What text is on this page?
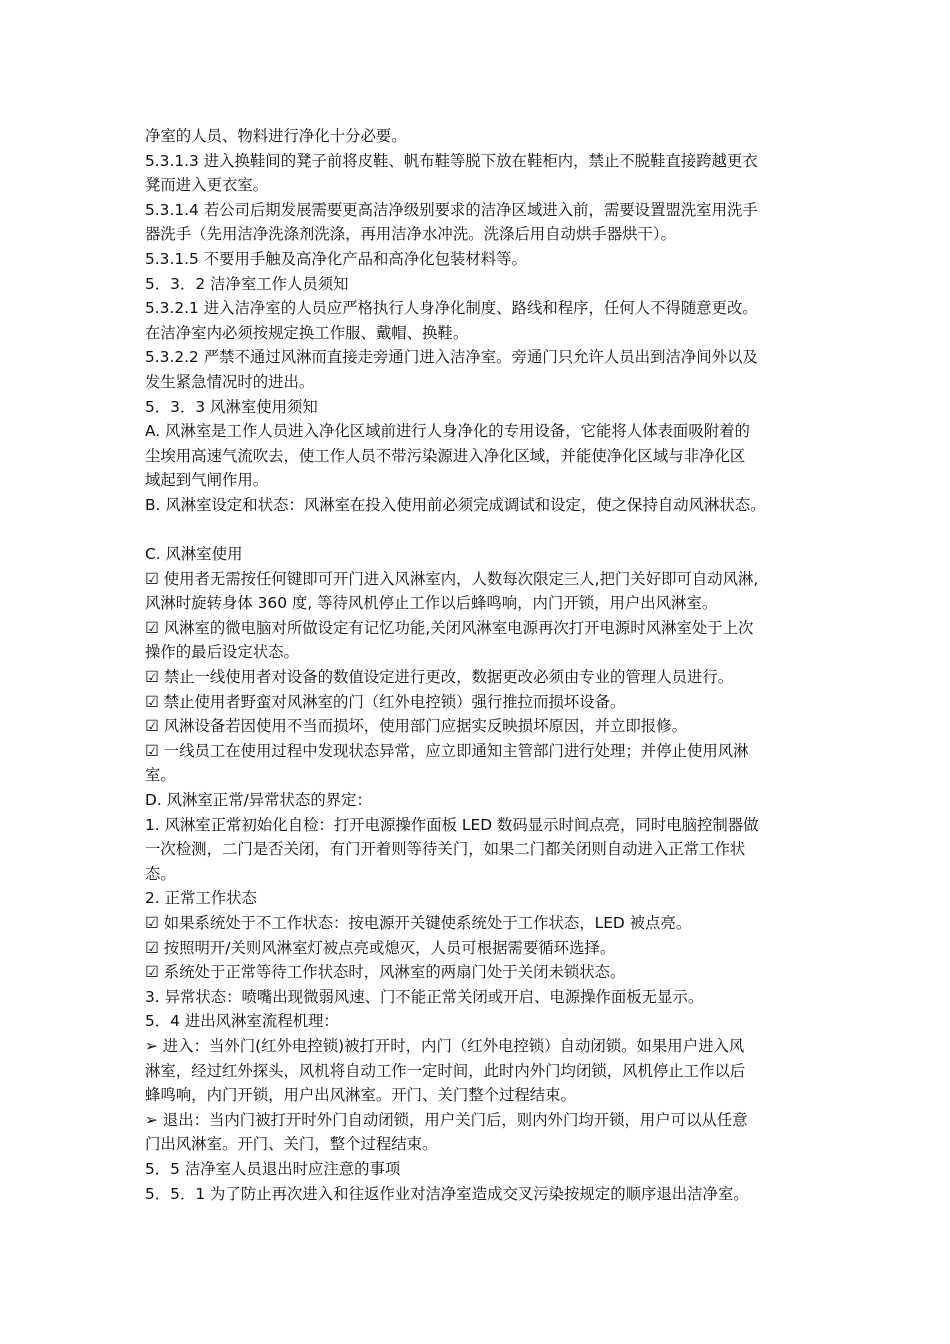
净室的人员、物料进行净化十分必要。
5.3.1.3 进入换鞋间的凳子前将皮鞋、帆布鞋等脱下放在鞋柜内，禁止不脱鞋直接跨越更衣
凳而进入更衣室。
5.3.1.4 若公司后期发展需要更高洁净级别要求的洁净区域进入前，需要设置盟洗室用洗手
器洗手（先用洁净洗涤剂洗涤，再用洁净水冲洗。洗涤后用自动烘手器烘干）。
5.3.1.5 不要用手触及高净化产品和高净化包装材料等。
5．3．2 洁净室工作人员须知
5.3.2.1 进入洁净室的人员应严格执行人身净化制度、路线和程序，任何人不得随意更改。
在洁净室内必须按规定换工作服、戴帽、换鞋。
5.3.2.2 严禁不通过风淋而直接走旁通门进入洁净室。旁通门只允许人员出到洁净间外以及
发生紧急情况时的进出。
5．3．3 风淋室使用须知
A. 风淋室是工作人员进入净化区域前进行人身净化的专用设备，它能将人体表面吸附着的
尘埃用高速气流吹去，使工作人员不带污染源进入净化区域，并能使净化区域与非净化区
域起到气闸作用。
B. 风淋室设定和状态：风淋室在投入使用前必须完成调试和设定，使之保持自动风淋状态。
C. 风淋室使用
☑ 使用者无需按任何键即可开门进入风淋室内，人数每次限定三人,把门关好即可自动风淋,
风淋时旋转身体 360 度, 等待风机停止工作以后蜂鸣响，内门开锁，用户出风淋室。
☑ 风淋室的微电脑对所做设定有记忆功能,关闭风淋室电源再次打开电源时风淋室处于上次
操作的最后设定状态。
☑ 禁止一线使用者对设备的数值设定进行更改，数据更改必须由专业的管理人员进行。
☑ 禁止使用者野蛮对风淋室的门（红外电控锁）强行推拉而损坏设备。
☑ 风淋设备若因使用不当而损坏，使用部门应据实反映损坏原因，并立即报修。
☑ 一线员工在使用过程中发现状态异常，应立即通知主管部门进行处理；并停止使用风淋
室。
D. 风淋室正常/异常状态的界定：
1. 风淋室正常初始化自检：打开电源操作面板 LED 数码显示时间点亮，同时电脑控制器做
一次检测，二门是否关闭，有门开着则等待关门，如果二门都关闭则自动进入正常工作状
态。
2. 正常工作状态
☑ 如果系统处于不工作状态：按电源开关键使系统处于工作状态，LED 被点亮。
☑ 按照明开/关则风淋室灯被点亮或熄灭，人员可根据需要循环选择。
☑ 系统处于正常等待工作状态时，风淋室的两扇门处于关闭未锁状态。
3. 异常状态：喷嘴出现微弱风速、门不能正常关闭或开启、电源操作面板无显示。
5．4 进出风淋室流程机理：
➢ 进入：当外门(红外电控锁)被打开时，内门（红外电控锁）自动闭锁。如果用户进入风
淋室，经过红外探头，风机将自动工作一定时间，此时内外门均闭锁，风机停止工作以后
蜂鸣响，内门开锁，用户出风淋室。开门、关门整个过程结束。
➢ 退出：当内门被打开时外门自动闭锁，用户关门后，则内外门均开锁，用户可以从任意
门出风淋室。开门、关门，整个过程结束。
5．5 洁净室人员退出时应注意的事项
5．5．1 为了防止再次进入和往返作业对洁净室造成交叉污染按规定的顺序退出洁净室。
